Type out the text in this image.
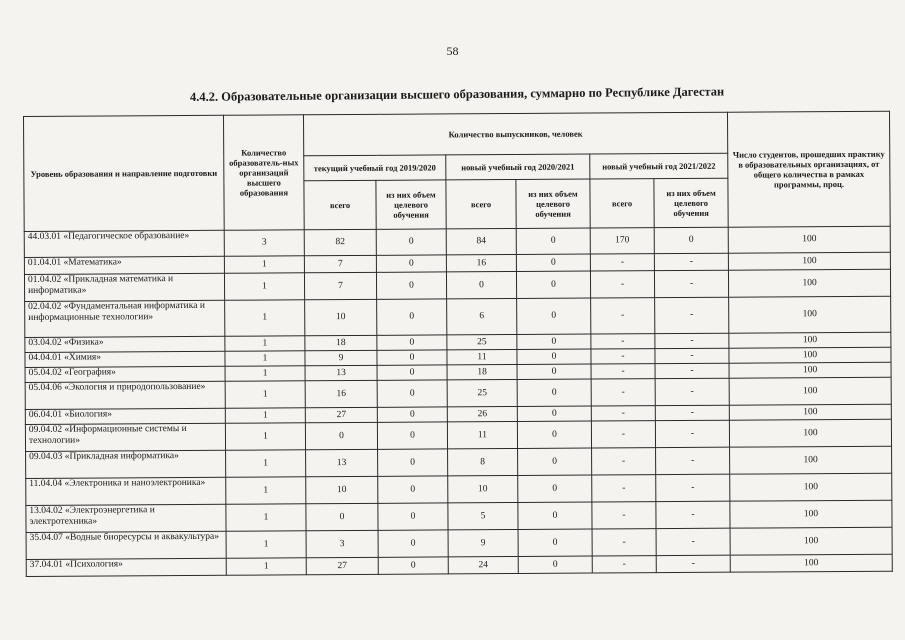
58
4.4.2. Образовательные организации высшего образования, суммарно по Республике Дагестан
Уровень образования и направление подготовки	Количество образователь-ных организаций высшего образования	Количество выпускников, человек						Число студентов, прошедших практику в образовательных организациях, от общего количества в рамках программы, проц.
		текущий учебный год 2019/2020		новый учебный год 2020/2021		новый учебный год 2021/2022		
		всего	из них объем целевого обучения	всего	из них объем целевого обучения	всего	из них объем целевого обучения	
44.03.01 «Педагогическое образование»	3	82	0	84	0	170	0	100
01.04.01 «Математика»	1	7	0	16	0	-	-	100
01.04.02 «Прикладная математика и информатика»	1	7	0	0	0	-	-	100
02.04.02 «Фундаментальная информатика и информационные технологии»	1	10	0	6	0	-	-	100
03.04.02 «Физика»	1	18	0	25	0	-	-	100
04.04.01 «Химия»	1	9	0	11	0	-	-	100
05.04.02 «География»	1	13	0	18	0	-	-	100
05.04.06 «Экология и природопользование»	1	16	0	25	0	-	-	100
06.04.01 «Биология»	1	27	0	26	0	-	-	100
09.04.02 «Информационные системы и технологии»	1	0	0	11	0	-	-	100
09.04.03 «Прикладная информатика»	1	13	0	8	0	-	-	100
11.04.04 «Электроника и наноэлектроника»	1	10	0	10	0	-	-	100
13.04.02 «Электроэнергетика и электротехника»	1	0	0	5	0	-	-	100
35.04.07 «Водные биоресурсы и аквакультура»	1	3	0	9	0	-	-	100
37.04.01 «Психология»	1	27	0	24	0	-	-	100
